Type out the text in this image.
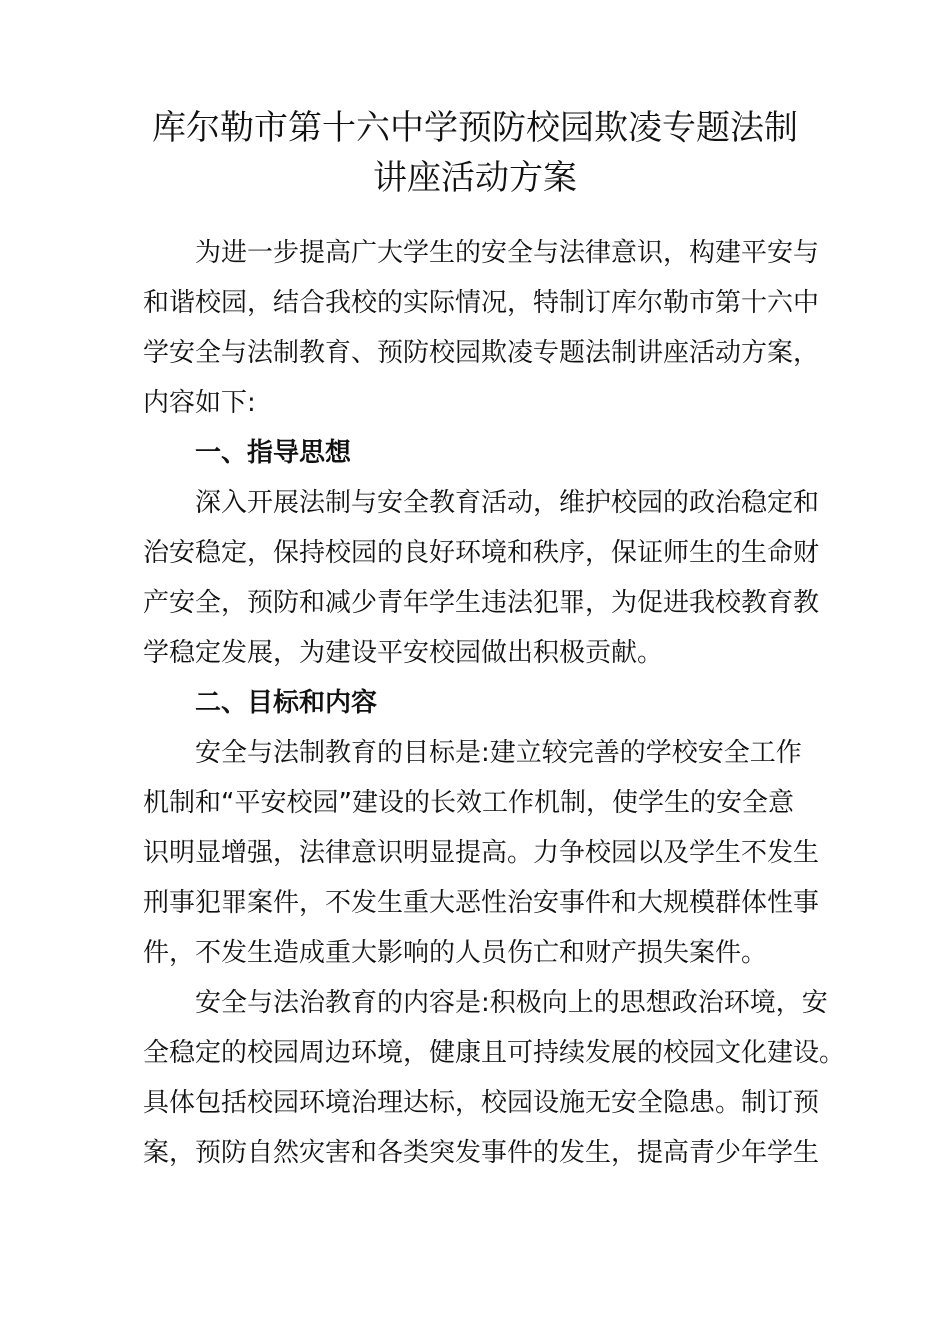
库尔勒市第十六中学预防校园欺凌专题法制
讲座活动方案
为进一步提高广大学生的安全与法律意识，构建平安与
和谐校园，结合我校的实际情况，特制订库尔勒市第十六中
学安全与法制教育、预防校园欺凌专题法制讲座活动方案，
内容如下:
一、指导思想
深入开展法制与安全教育活动，维护校园的政治稳定和
治安稳定，保持校园的良好环境和秩序，保证师生的生命财
产安全，预防和减少青年学生违法犯罪，为促进我校教育教
学稳定发展，为建设平安校园做出积极贡献。
二、目标和内容
安全与法制教育的目标是:建立较完善的学校安全工作
机制和“平安校园”建设的长效工作机制，使学生的安全意
识明显增强，法律意识明显提高。力争校园以及学生不发生
刑事犯罪案件，不发生重大恶性治安事件和大规模群体性事
件，不发生造成重大影响的人员伤亡和财产损失案件。
安全与法治教育的内容是:积极向上的思想政治环境，安
全稳定的校园周边环境，健康且可持续发展的校园文化建设。
具体包括校园环境治理达标，校园设施无安全隐患。制订预
案，预防自然灾害和各类突发事件的发生，提高青少年学生
